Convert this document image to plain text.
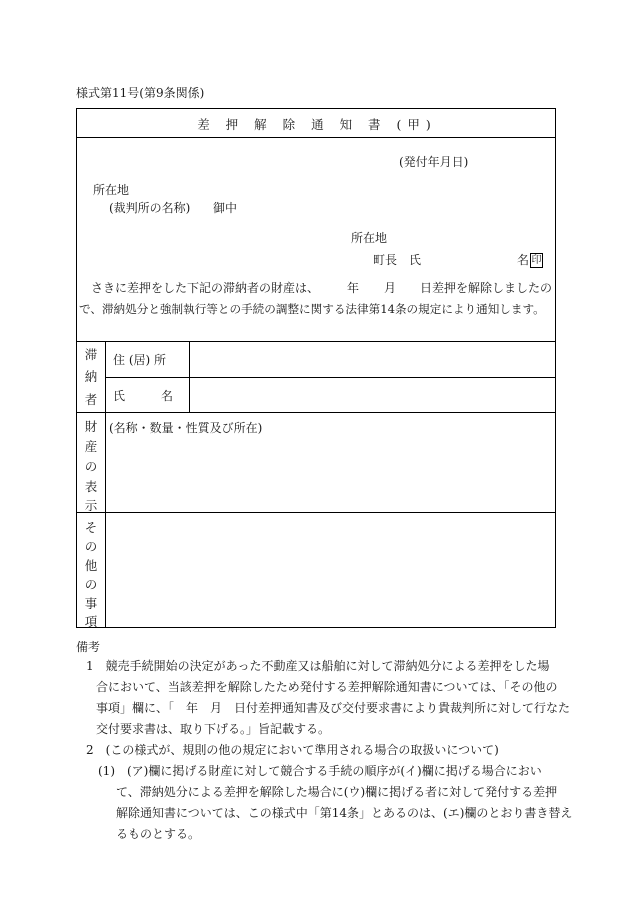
様式第11号(第9条関係)
差 押 解 除 通 知 書 (甲)
(発付年月日)
所在地
(裁判所の名称) 御中
所在地
町長　氏	名 印
さきに差押をした下記の滞納者の財産は、 年 月 日差押を解除しましたの
で、滞納処分と強制執行等との手続の調整に関する法律第14条の規定により通知します。
滞
納
者
住 (居) 所
氏　　　名
財
産
の
表
示
(名称・数量・性質及び所在)
そ
の
他
の
事
項
備考
1　競売手続開始の決定があった不動産又は船舶に対して滞納処分による差押をした場
合において、当該差押を解除したため発付する差押解除通知書については、「その他の
事項」欄に、「　年　月　日付差押通知書及び交付要求書により貴裁判所に対して行なた
交付要求書は、取り下げる。」旨記載する。
2　(この様式が、規則の他の規定において準用される場合の取扱いについて)
(1)　(ア)欄に掲げる財産に対して競合する手続の順序が(イ)欄に掲げる場合におい
て、滞納処分による差押を解除した場合に(ウ)欄に掲げる者に対して発付する差押
解除通知書については、この様式中「第14条」とあるのは、(エ)欄のとおり書き替え
るものとする。
